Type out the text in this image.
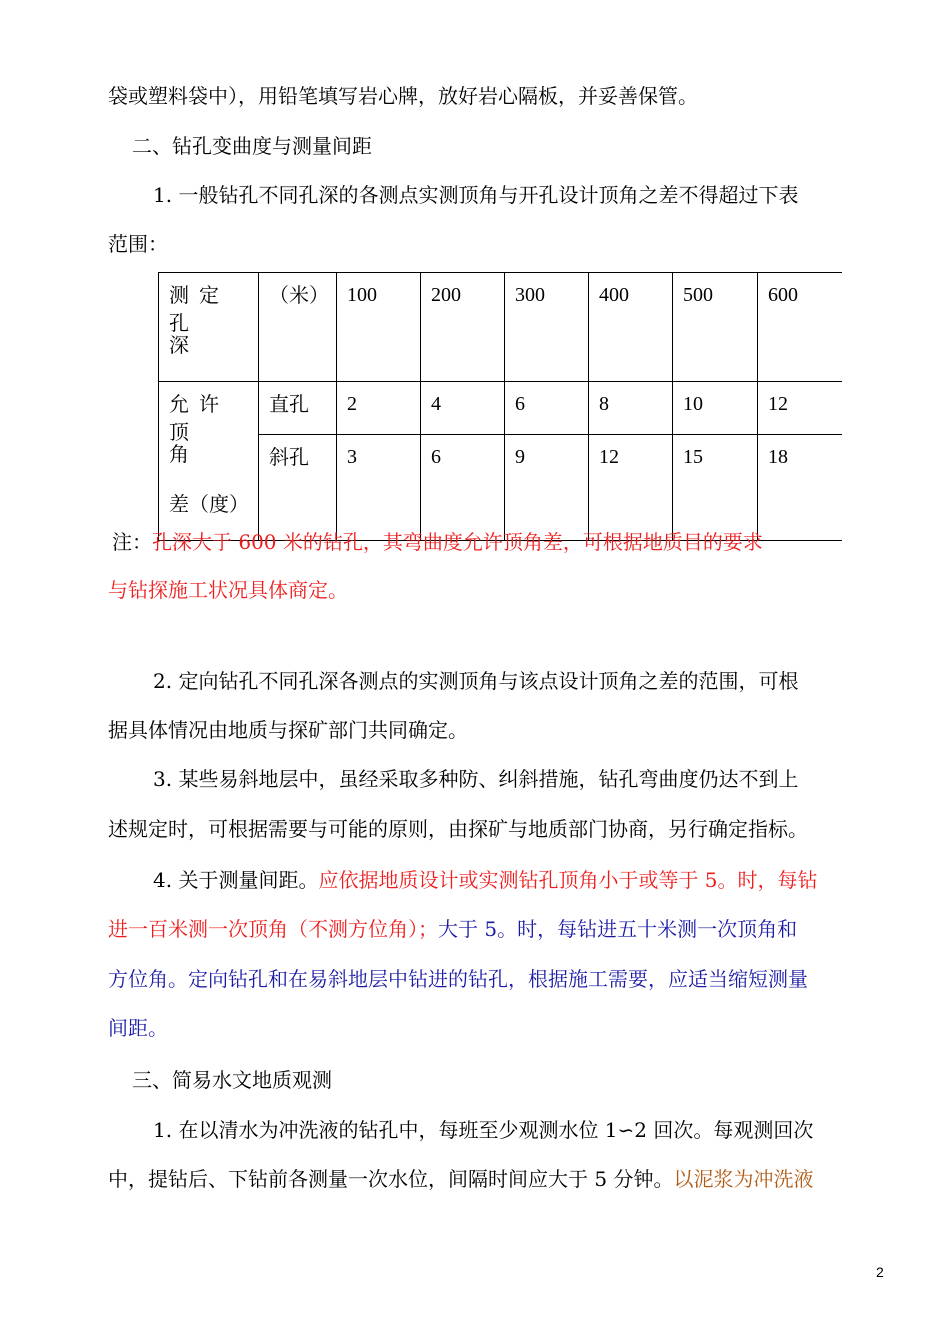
袋或塑料袋中），用铅笔填写岩心牌，放好岩心隔板，并妥善保管。
二、钻孔变曲度与测量间距
1. 一般钻孔不同孔深的各测点实测顶角与开孔设计顶角之差不得超过下表
范围：
测定孔
深	（米）	100	200	300	400	500	600

允许顶
角
差（度）	直孔	2	4	6	8	10	12
	斜孔	3	6	9	12	15	18
注：孔深大于 600 米的钻孔，其弯曲度允许顶角差，可根据地质目的要求
与钻探施工状况具体商定。
2. 定向钻孔不同孔深各测点的实测顶角与该点设计顶角之差的范围，可根
据具体情况由地质与探矿部门共同确定。
3. 某些易斜地层中，虽经采取多种防、纠斜措施，钻孔弯曲度仍达不到上
述规定时，可根据需要与可能的原则，由探矿与地质部门协商，另行确定指标。
4. 关于测量间距。应依据地质设计或实测钻孔顶角小于或等于 5。时，每钻
进一百米测一次顶角（不测方位角）；大于 5。时，每钻进五十米测一次顶角和
方位角。定向钻孔和在易斜地层中钻进的钻孔，根据施工需要，应适当缩短测量
间距。
三、简易水文地质观测
1. 在以清水为冲洗液的钻孔中，每班至少观测水位 1∽2 回次。每观测回次
中，提钻后、下钻前各测量一次水位，间隔时间应大于 5 分钟。以泥浆为冲洗液
2
